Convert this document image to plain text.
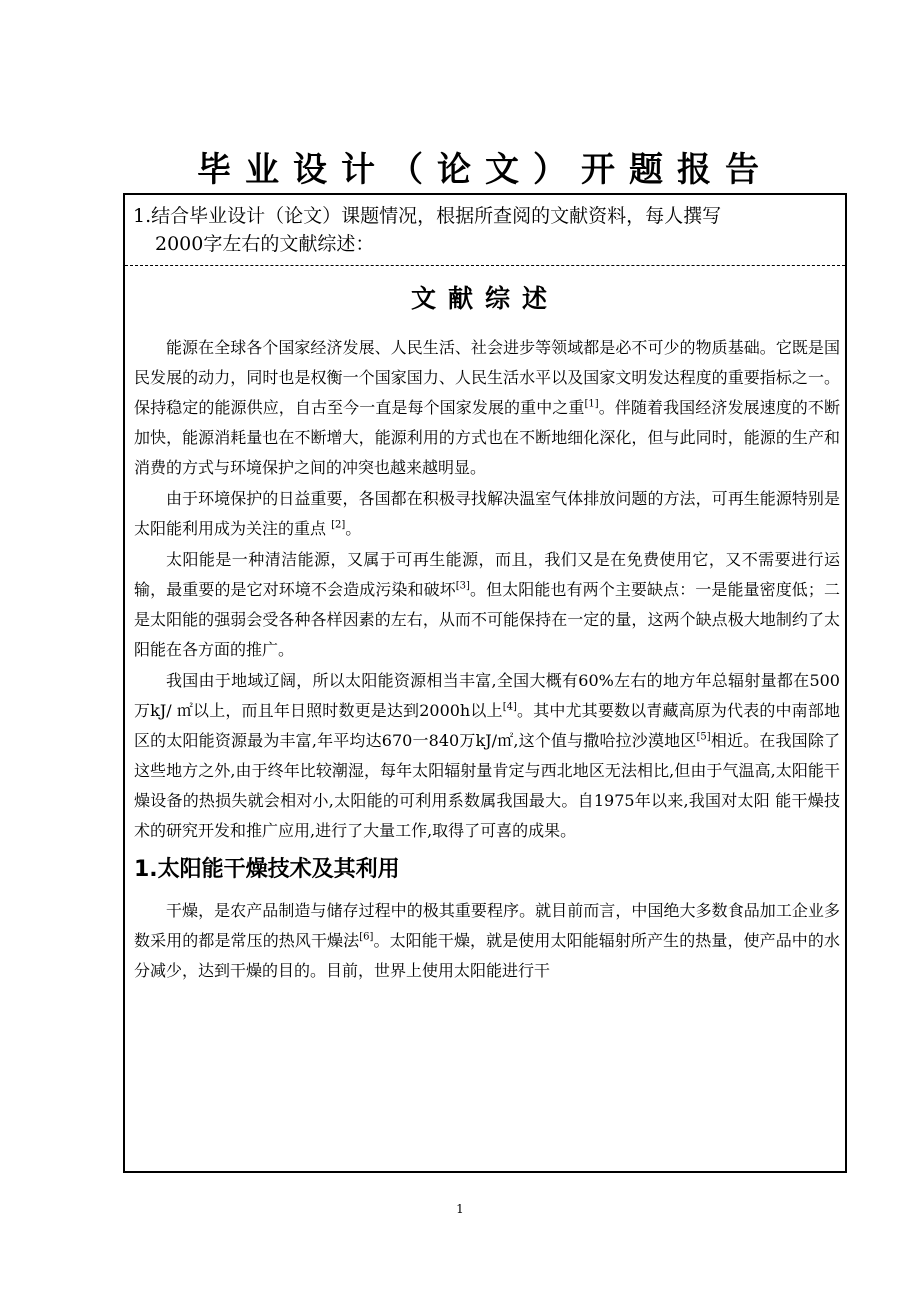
毕业设计（论文）开题报告
1.结合毕业设计（论文）课题情况，根据所查阅的文献资料，每人撰写
2000字左右的文献综述：
文献综述

能源在全球各个国家经济发展、人民生活、社会进步等领域都是必不可少的物质基础。它既是国民发展的动力，同时也是权衡一个国家国力、人民生活水平以及国家文明发达程度的重要指标之一。保持稳定的能源供应，自古至今一直是每个国家发展的重中之重[1]。伴随着我国经济发展速度的不断加快，能源消耗量也在不断增大，能源利用的方式也在不断地细化深化，但与此同时，能源的生产和消费的方式与环境保护之间的冲突也越来越明显。

由于环境保护的日益重要，各国都在积极寻找解决温室气体排放问题的方法，可再生能源特别是太阳能利用成为关注的重点 [2]。

太阳能是一种清洁能源，又属于可再生能源，而且，我们又是在免费使用它，又不需要进行运输，最重要的是它对环境不会造成污染和破坏[3]。但太阳能也有两个主要缺点：一是能量密度低；二是太阳能的强弱会受各种各样因素的左右，从而不可能保持在一定的量，这两个缺点极大地制约了太阳能在各方面的推广。

我国由于地域辽阔，所以太阳能资源相当丰富,全国大概有60%左右的地方年总辐射量都在500万kJ/ ㎡以上，而且年日照时数更是达到2000h以上[4]。其中尤其要数以青藏高原为代表的中南部地区的太阳能资源最为丰富,年平均达670一840万kJ/㎡,这个值与撒哈拉沙漠地区[5]相近。在我国除了这些地方之外,由于终年比较潮湿，每年太阳辐射量肯定与西北地区无法相比,但由于气温高,太阳能干燥设备的热损失就会相对小,太阳能的可利用系数属我国最大。自1975年以来,我国对太阳 能干燥技术的研究开发和推广应用,进行了大量工作,取得了可喜的成果。

1.太阳能干燥技术及其利用

干燥，是农产品制造与储存过程中的极其重要程序。就目前而言，中国绝大多数食品加工企业多数采用的都是常压的热风干燥法[6]。太阳能干燥，就是使用太阳能辐射所产生的热量，使产品中的水分减少，达到干燥的目的。目前，世界上使用太阳能进行干

1
